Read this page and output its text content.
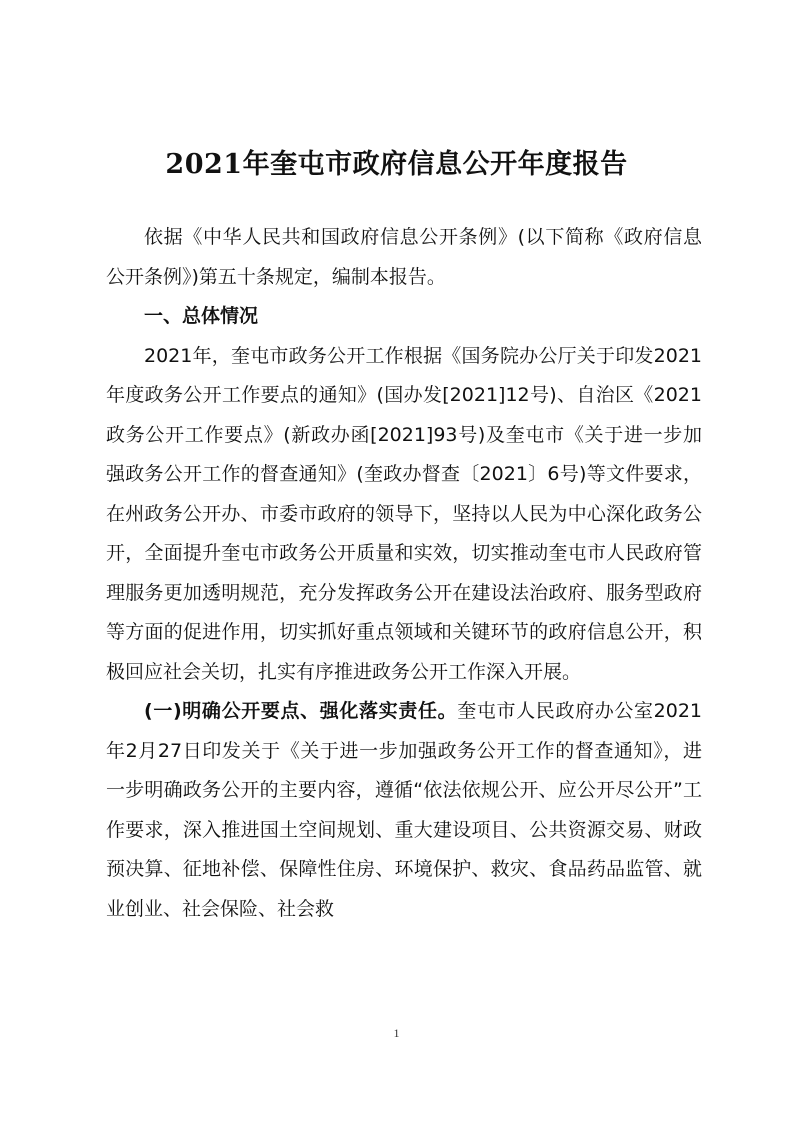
2021年奎屯市政府信息公开年度报告

依据《中华人民共和国政府信息公开条例》(以下简称《政府信息公开条例》)第五十条规定，编制本报告。

一、总体情况

2021年，奎屯市政务公开工作根据《国务院办公厅关于印发2021年度政务公开工作要点的通知》(国办发[2021]12号)、自治区《2021政务公开工作要点》(新政办函[2021]93号)及奎屯市《关于进一步加强政务公开工作的督查通知》(奎政办督查〔2021〕6号)等文件要求，在州政务公开办、市委市政府的领导下，坚持以人民为中心深化政务公开，全面提升奎屯市政务公开质量和实效，切实推动奎屯市人民政府管理服务更加透明规范，充分发挥政务公开在建设法治政府、服务型政府等方面的促进作用，切实抓好重点领域和关键环节的政府信息公开，积极回应社会关切，扎实有序推进政务公开工作深入开展。

(一)明确公开要点、强化落实责任。奎屯市人民政府办公室2021年2月27日印发关于《关于进一步加强政务公开工作的督查通知》，进一步明确政务公开的主要内容，遵循“依法依规公开、应公开尽公开”工作要求，深入推进国土空间规划、重大建设项目、公共资源交易、财政预决算、征地补偿、保障性住房、环境保护、救灾、食品药品监管、就业创业、社会保险、社会救

1
